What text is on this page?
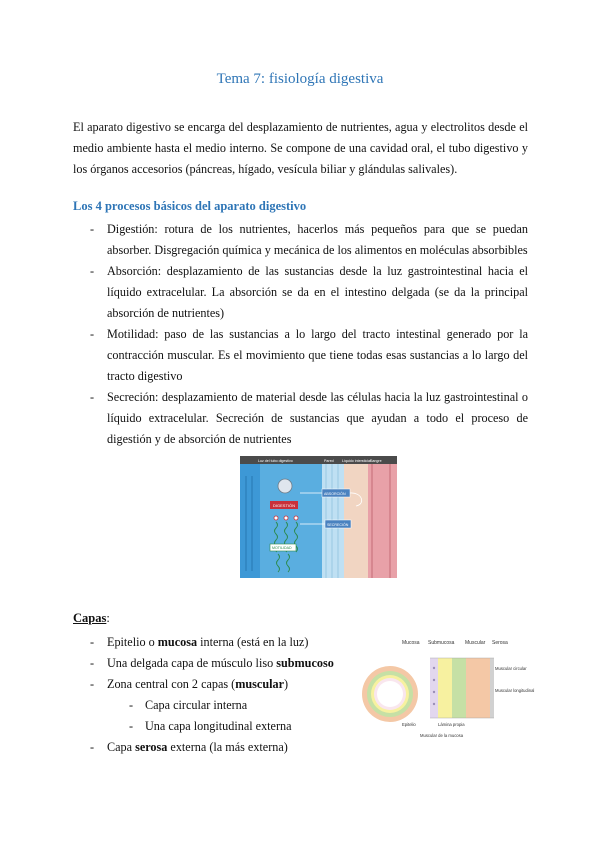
Tema 7: fisiología digestiva
El aparato digestivo se encarga del desplazamiento de nutrientes, agua y electrolitos desde el medio ambiente hasta el medio interno. Se compone de una cavidad oral, el tubo digestivo y los órganos accesorios (páncreas, hígado, vesícula biliar y glándulas salivales).
Los 4 procesos básicos del aparato digestivo
- Digestión: rotura de los nutrientes, hacerlos más pequeños para que se puedan absorber. Disgregación química y mecánica de los alimentos en moléculas absorbibles
- Absorción: desplazamiento de las sustancias desde la luz gastrointestinal hacia el líquido extracelular. La absorción se da en el intestino delgada (se da la principal absorción de nutrientes)
- Motilidad: paso de las sustancias a lo largo del tracto intestinal generado por la contracción muscular. Es el movimiento que tiene todas esas sustancias a lo largo del tracto digestivo
- Secreción: desplazamiento de material desde las células hacia la luz gastrointestinal o líquido extracelular. Secreción de sustancias que ayudan a todo el proceso de digestión y de absorción de nutrientes
Luz del tubo digestivo	Pared Líquido intersticial Sangre
DIGESTIÓN
ABSORCIÓN
SECRECIÓN
MOTILIDAD
Capas:
- Epitelio o mucosa interna (está en la luz)
- Una delgada capa de músculo liso submucoso
- Zona central con 2 capas (muscular)
- Capa circular interna
- Una capa longitudinal externa
- Capa serosa externa (la más externa)
Mucosa Submucosa Muscular Serosa
Muscular circular
Muscular longitudinal
Epitelio	Lámina propia
Muscular de la mucosa
